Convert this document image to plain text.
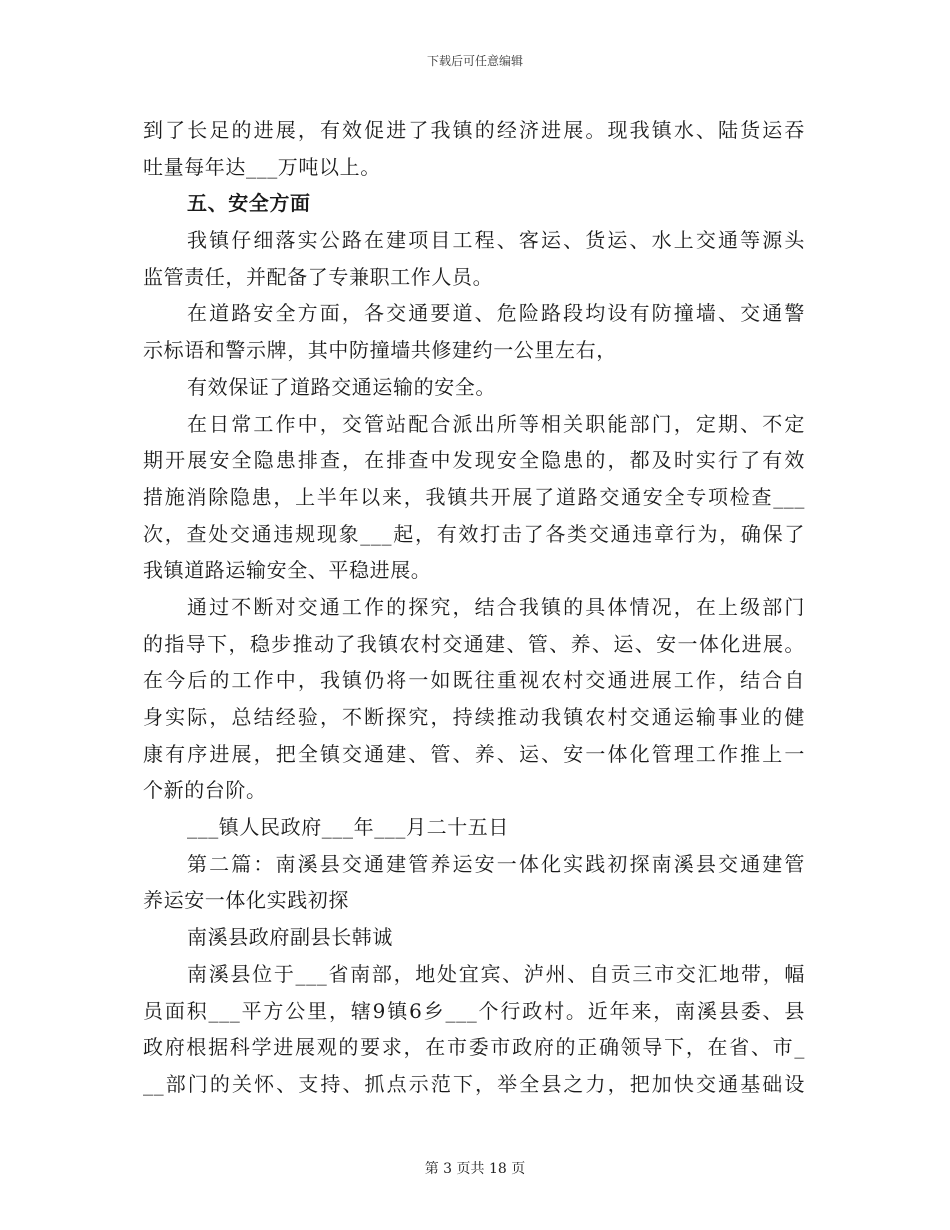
下载后可任意编辑
到了长足的进展，有效促进了我镇的经济进展。现我镇水、陆货运吞
吐量每年达___万吨以上。
五、安全方面
我镇仔细落实公路在建项目工程、客运、货运、水上交通等源头
监管责任，并配备了专兼职工作人员。
在道路安全方面，各交通要道、危险路段均设有防撞墙、交通警
示标语和警示牌，其中防撞墙共修建约一公里左右，
有效保证了道路交通运输的安全。
在日常工作中，交管站配合派出所等相关职能部门，定期、不定
期开展安全隐患排查，在排查中发现安全隐患的，都及时实行了有效
措施消除隐患，上半年以来，我镇共开展了道路交通安全专项检查___
次，查处交通违规现象___起，有效打击了各类交通违章行为，确保了
我镇道路运输安全、平稳进展。
通过不断对交通工作的探究，结合我镇的具体情况，在上级部门
的指导下，稳步推动了我镇农村交通建、管、养、运、安一体化进展。
在今后的工作中，我镇仍将一如既往重视农村交通进展工作，结合自
身实际，总结经验，不断探究，持续推动我镇农村交通运输事业的健
康有序进展，把全镇交通建、管、养、运、安一体化管理工作推上一
个新的台阶。
___镇人民政府___年___月二十五日
第二篇：南溪县交通建管养运安一体化实践初探南溪县交通建管
养运安一体化实践初探
南溪县政府副县长韩诚
南溪县位于___省南部，地处宜宾、泸州、自贡三市交汇地带，幅
员面积___平方公里，辖9镇6乡___个行政村。近年来，南溪县委、县
政府根据科学进展观的要求，在市委市政府的正确领导下，在省、市_
__部门的关怀、支持、抓点示范下，举全县之力，把加快交通基础设
第 3 页共 18 页
